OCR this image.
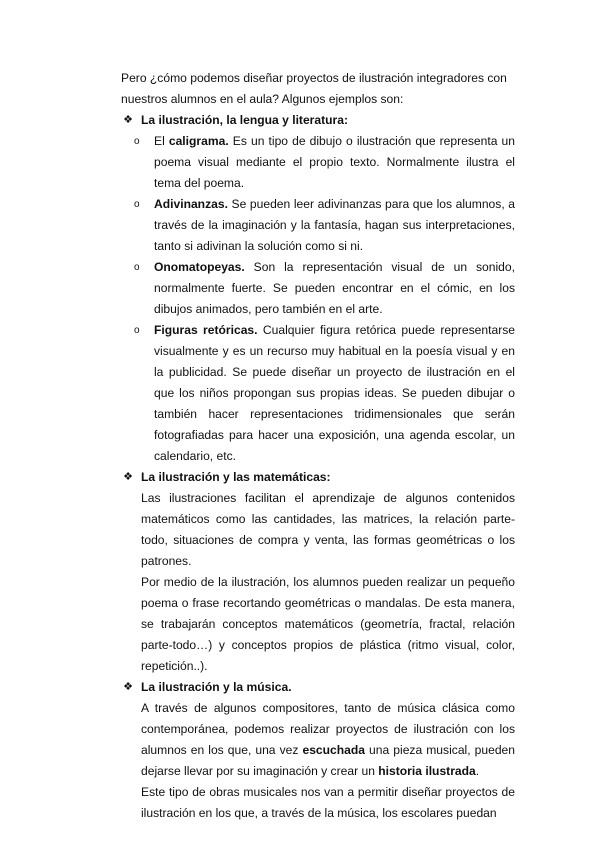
Pero ¿cómo podemos diseñar proyectos de ilustración integradores con nuestros alumnos en el aula? Algunos ejemplos son:

❖ La ilustración, la lengua y literatura:
o El caligrama. Es un tipo de dibujo o ilustración que representa un poema visual mediante el propio texto. Normalmente ilustra el tema del poema.
o Adivinanzas. Se pueden leer adivinanzas para que los alumnos, a través de la imaginación y la fantasía, hagan sus interpretaciones, tanto si adivinan la solución como si ni.
o Onomatopeyas. Son la representación visual de un sonido, normalmente fuerte. Se pueden encontrar en el cómic, en los dibujos animados, pero también en el arte.
o Figuras retóricas. Cualquier figura retórica puede representarse visualmente y es un recurso muy habitual en la poesía visual y en la publicidad. Se puede diseñar un proyecto de ilustración en el que los niños propongan sus propias ideas. Se pueden dibujar o también hacer representaciones tridimensionales que serán fotografiadas para hacer una exposición, una agenda escolar, un calendario, etc.
❖ La ilustración y las matemáticas:

Las ilustraciones facilitan el aprendizaje de algunos contenidos matemáticos como las cantidades, las matrices, la relación parte-todo, situaciones de compra y venta, las formas geométricas o los patrones.

Por medio de la ilustración, los alumnos pueden realizar un pequeño poema o frase recortando geométricas o mandalas. De esta manera, se trabajarán conceptos matemáticos (geometría, fractal, relación parte-todo…) y conceptos propios de plástica (ritmo visual, color, repetición..).

❖ La ilustración y la música.

A través de algunos compositores, tanto de música clásica como contemporánea, podemos realizar proyectos de ilustración con los alumnos en los que, una vez escuchada una pieza musical, pueden dejarse llevar por su imaginación y crear un historia ilustrada.

Este tipo de obras musicales nos van a permitir diseñar proyectos de ilustración en los que, a través de la música, los escolares puedan
